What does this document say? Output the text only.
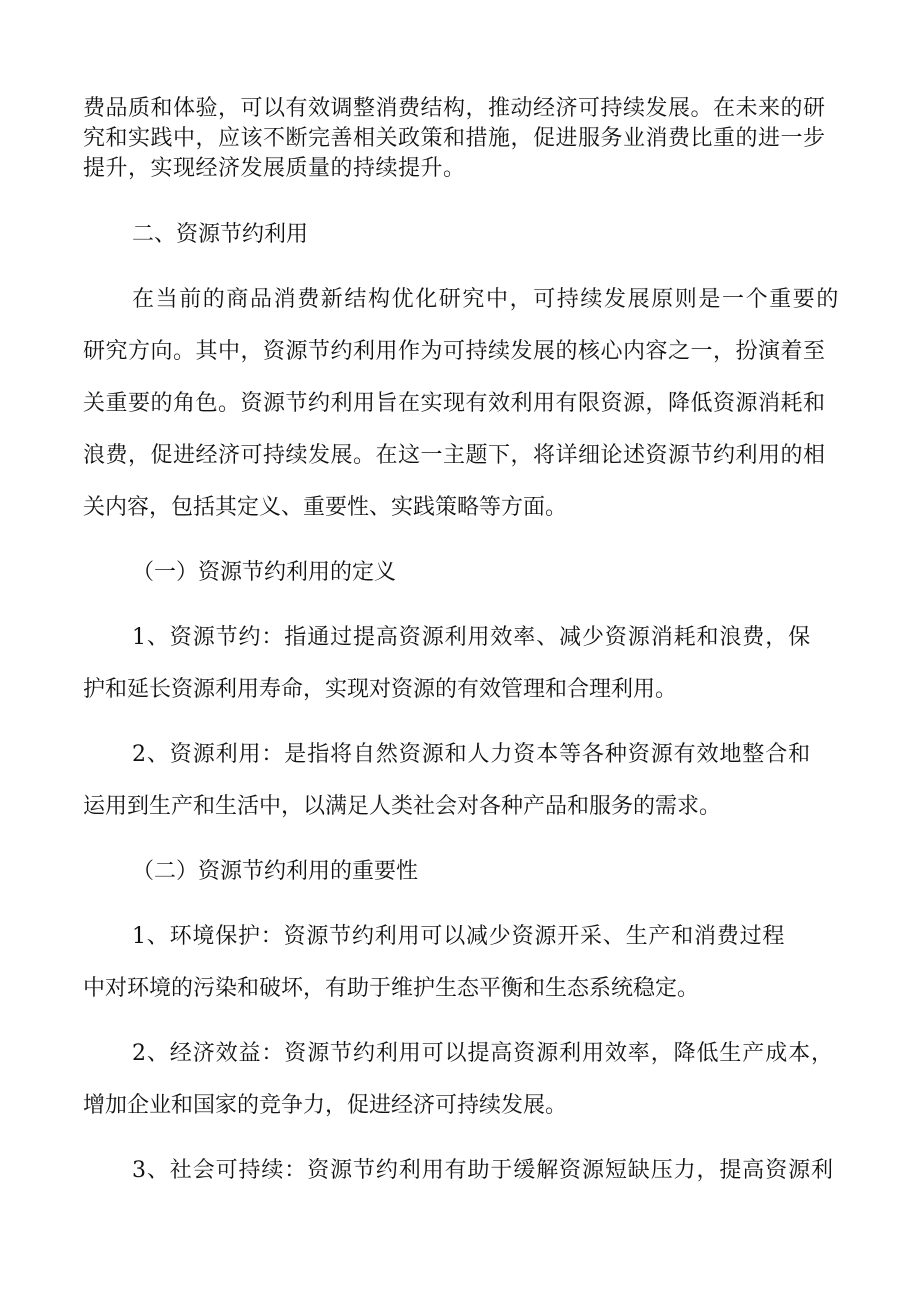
费品质和体验，可以有效调整消费结构，推动经济可持续发展。在未来的研
究和实践中，应该不断完善相关政策和措施，促进服务业消费比重的进一步
提升，实现经济发展质量的持续提升。
二、资源节约利用
在当前的商品消费新结构优化研究中，可持续发展原则是一个重要的
研究方向。其中，资源节约利用作为可持续发展的核心内容之一，扮演着至
关重要的角色。资源节约利用旨在实现有效利用有限资源，降低资源消耗和
浪费，促进经济可持续发展。在这一主题下，将详细论述资源节约利用的相
关内容，包括其定义、重要性、实践策略等方面。
（一）资源节约利用的定义
1、资源节约：指通过提高资源利用效率、减少资源消耗和浪费，保
护和延长资源利用寿命，实现对资源的有效管理和合理利用。
2、资源利用：是指将自然资源和人力资本等各种资源有效地整合和
运用到生产和生活中，以满足人类社会对各种产品和服务的需求。
（二）资源节约利用的重要性
1、环境保护：资源节约利用可以减少资源开采、生产和消费过程
中对环境的污染和破坏，有助于维护生态平衡和生态系统稳定。
2、经济效益：资源节约利用可以提高资源利用效率，降低生产成本，
增加企业和国家的竞争力，促进经济可持续发展。
3、社会可持续：资源节约利用有助于缓解资源短缺压力，提高资源利
